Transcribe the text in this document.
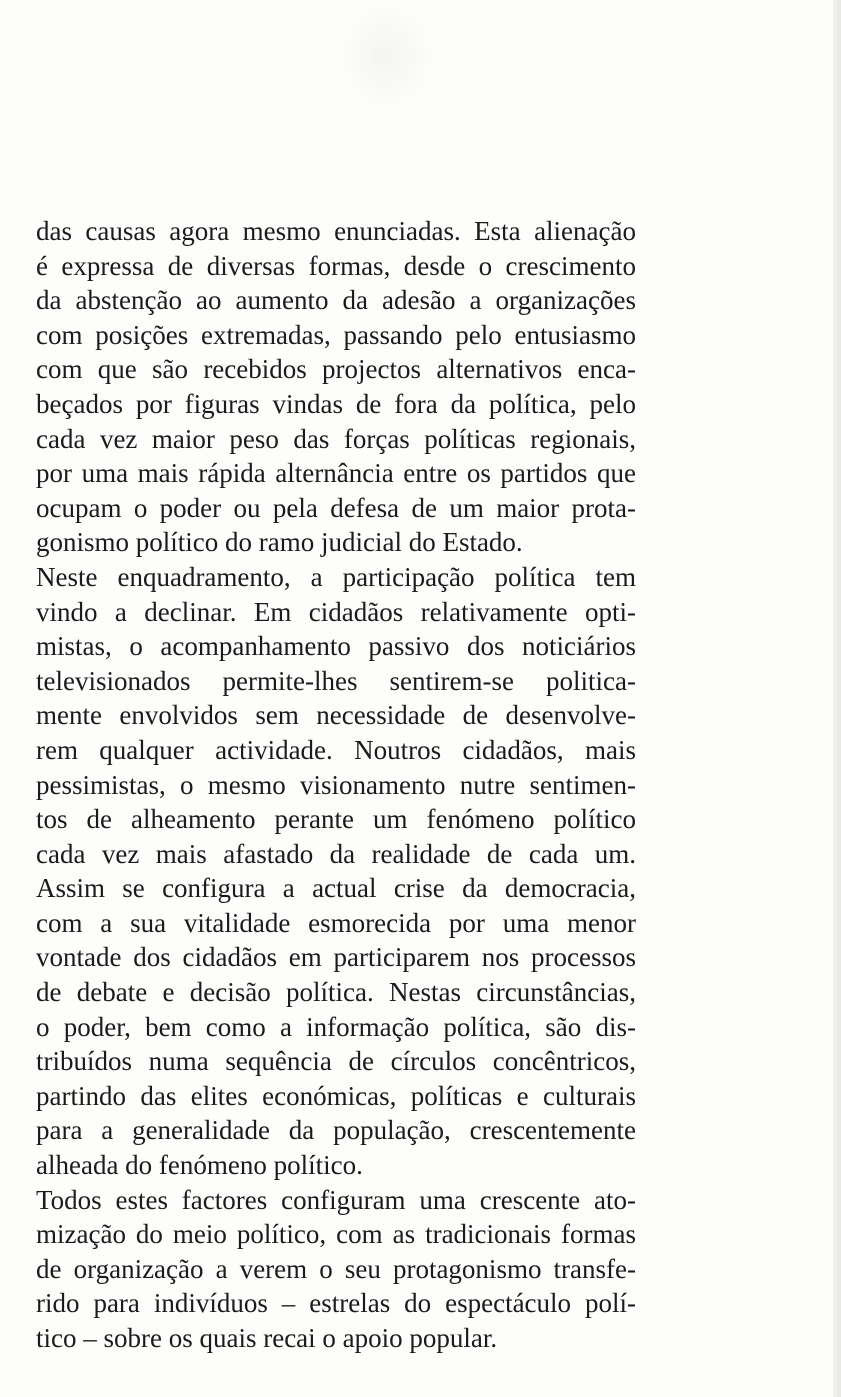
das causas agora mesmo enunciadas. Esta alienação
é expressa de diversas formas, desde o crescimento
da abstenção ao aumento da adesão a organizações
com posições extremadas, passando pelo entusiasmo
com que são recebidos projectos alternativos enca-
beçados por figuras vindas de fora da política, pelo
cada vez maior peso das forças políticas regionais,
por uma mais rápida alternância entre os partidos que
ocupam o poder ou pela defesa de um maior prota-
gonismo político do ramo judicial do Estado.
Neste enquadramento, a participação política tem
vindo a declinar. Em cidadãos relativamente opti-
mistas, o acompanhamento passivo dos noticiários
televisionados permite-lhes sentirem-se politica-
mente envolvidos sem necessidade de desenvolve-
rem qualquer actividade. Noutros cidadãos, mais
pessimistas, o mesmo visionamento nutre sentimen-
tos de alheamento perante um fenómeno político
cada vez mais afastado da realidade de cada um.
Assim se configura a actual crise da democracia,
com a sua vitalidade esmorecida por uma menor
vontade dos cidadãos em participarem nos processos
de debate e decisão política. Nestas circunstâncias,
o poder, bem como a informação política, são dis-
tribuídos numa sequência de círculos concêntricos,
partindo das elites económicas, políticas e culturais
para a generalidade da população, crescentemente
alheada do fenómeno político.
Todos estes factores configuram uma crescente ato-
mização do meio político, com as tradicionais formas
de organização a verem o seu protagonismo transfe-
rido para indivíduos – estrelas do espectáculo polí-
tico – sobre os quais recai o apoio popular.
